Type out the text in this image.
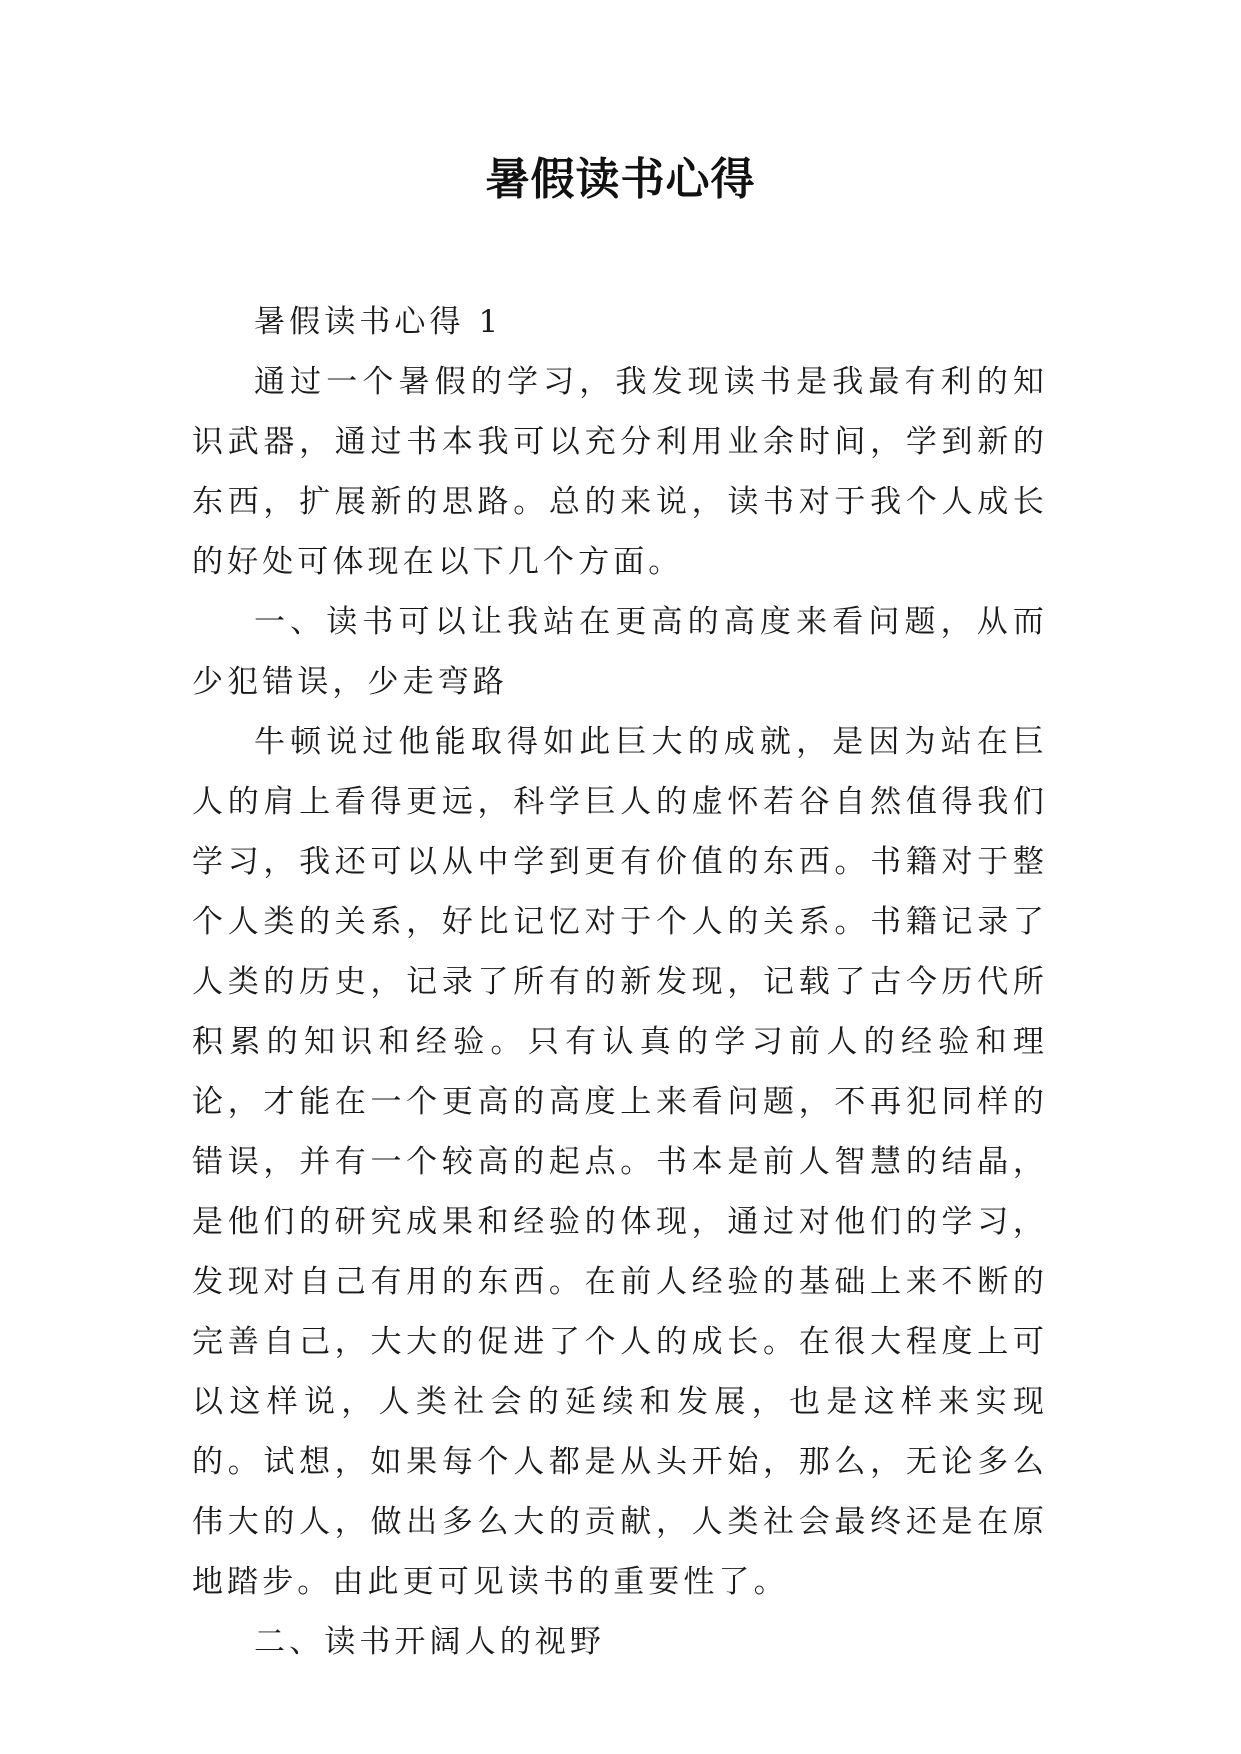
暑假读书心得

暑假读书心得 1

通过一个暑假的学习，我发现读书是我最有利的知识武器，通过书本我可以充分利用业余时间，学到新的东西，扩展新的思路。总的来说，读书对于我个人成长的好处可体现在以下几个方面。

一、读书可以让我站在更高的高度来看问题，从而少犯错误，少走弯路

牛顿说过他能取得如此巨大的成就，是因为站在巨人的肩上看得更远，科学巨人的虚怀若谷自然值得我们学习，我还可以从中学到更有价值的东西。书籍对于整个人类的关系，好比记忆对于个人的关系。书籍记录了人类的历史，记录了所有的新发现，记载了古今历代所积累的知识和经验。只有认真的学习前人的经验和理论，才能在一个更高的高度上来看问题，不再犯同样的错误，并有一个较高的起点。书本是前人智慧的结晶，是他们的研究成果和经验的体现，通过对他们的学习，发现对自己有用的东西。在前人经验的基础上来不断的完善自己，大大的促进了个人的成长。在很大程度上可以这样说，人类社会的延续和发展，也是这样来实现的。试想，如果每个人都是从头开始，那么，无论多么伟大的人，做出多么大的贡献，人类社会最终还是在原地踏步。由此更可见读书的重要性了。

二、读书开阔人的视野
